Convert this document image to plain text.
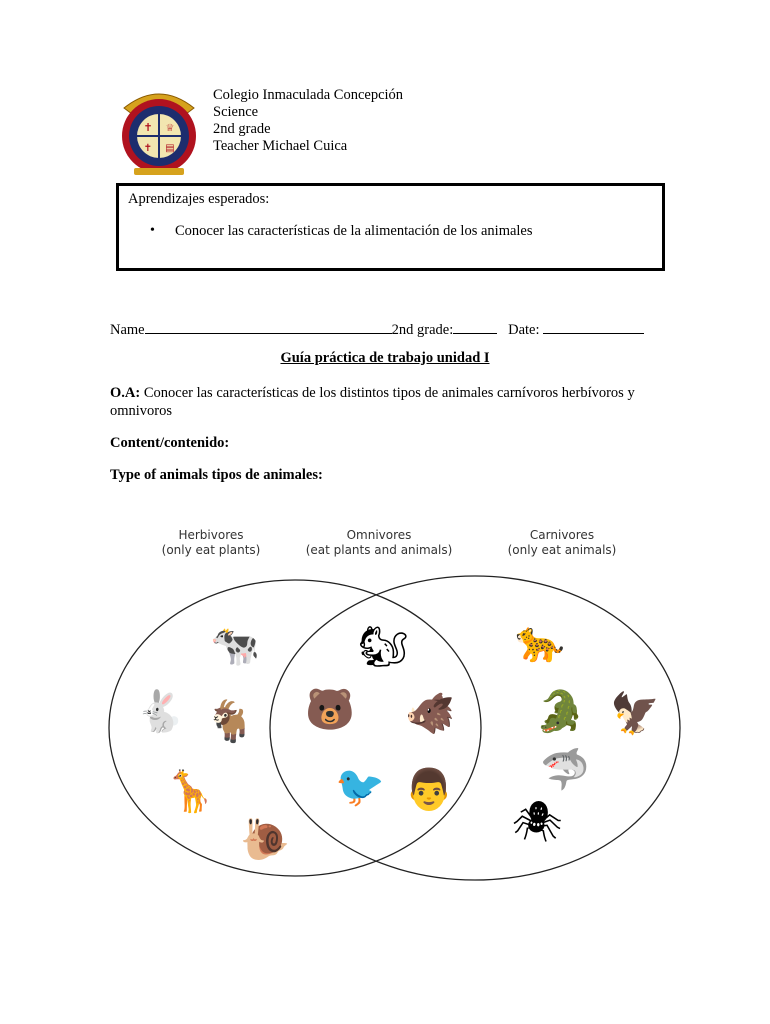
✝ ♕
✝ ▤
Colegio Inmaculada Concepción
Science
2nd grade
Teacher Michael Cuica
Aprendizajes esperados:
• Conocer las características de la alimentación de los animales
Name	2nd grade:	Date:
Guía práctica de trabajo unidad I
O.A: Conocer las características de los distintos tipos de animales carnívoros herbívoros y omnivoros
Content/contenido:
Type of animals tipos de animales:
Herbivores
(only eat plants)
Omnivores
(eat plants and animals)
Carnivores
(only eat animals)
🐄
🐇 🐐
🦒
🐌
🐿
🐻 🐗
🐦 👨
🐆
🐊 🦅
🦈
🕷
